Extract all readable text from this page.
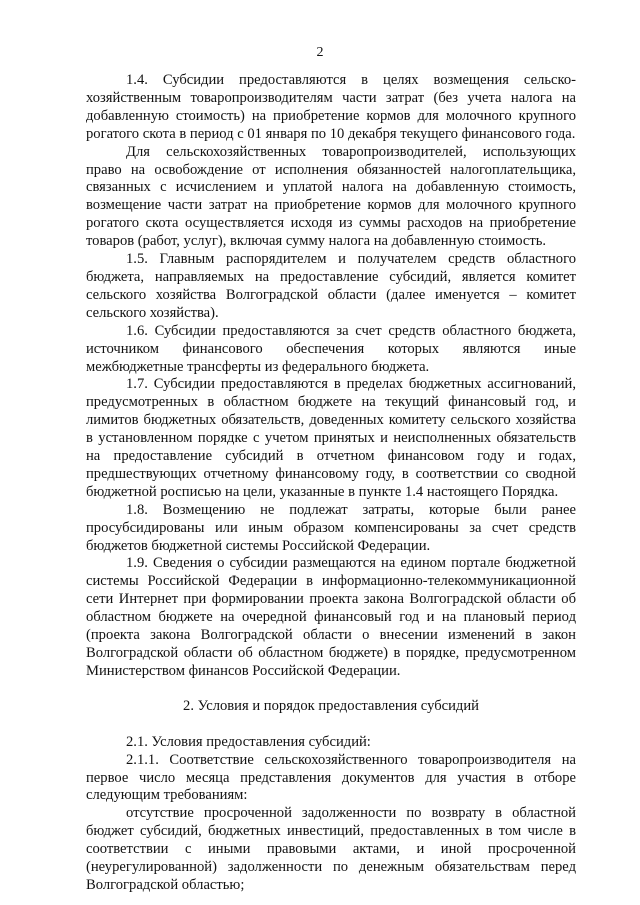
2

1.4. Субсидии предоставляются в целях возмещения сельско-хозяйственным товаропроизводителям части затрат (без учета налога на добавленную стоимость) на приобретение кормов для молочного крупного рогатого скота в период с 01 января по 10 декабря текущего финансового года.

Для сельскохозяйственных товаропроизводителей, использующих право на освобождение от исполнения обязанностей налогоплательщика, связанных с исчислением и уплатой налога на добавленную стоимость, возмещение части затрат на приобретение кормов для молочного крупного рогатого скота осуществляется исходя из суммы расходов на приобретение товаров (работ, услуг), включая сумму налога на добавленную стоимость.

1.5. Главным распорядителем и получателем средств областного бюджета, направляемых на предоставление субсидий, является комитет сельского хозяйства Волгоградской области (далее именуется – комитет сельского хозяйства).

1.6. Субсидии предоставляются за счет средств областного бюджета, источником финансового обеспечения которых являются иные межбюджетные трансферты из федерального бюджета.

1.7. Субсидии предоставляются в пределах бюджетных ассигнований, предусмотренных в областном бюджете на текущий финансовый год, и лимитов бюджетных обязательств, доведенных комитету сельского хозяйства в установленном порядке с учетом принятых и неисполненных обязательств на предоставление субсидий в отчетном финансовом году и годах, предшествующих отчетному финансовому году, в соответствии со сводной бюджетной росписью на цели, указанные в пункте 1.4 настоящего Порядка.

1.8. Возмещению не подлежат затраты, которые были ранее просубсидированы или иным образом компенсированы за счет средств бюджетов бюджетной системы Российской Федерации.

1.9. Сведения о субсидии размещаются на едином портале бюджетной системы Российской Федерации в информационно-телекоммуникационной сети Интернет при формировании проекта закона Волгоградской области об областном бюджете на очередной финансовый год и на плановый период (проекта закона Волгоградской области о внесении изменений в закон Волгоградской области об областном бюджете) в порядке, предусмотренном Министерством финансов Российской Федерации.

2. Условия и порядок предоставления субсидий

2.1. Условия предоставления субсидий:

2.1.1. Соответствие сельскохозяйственного товаропроизводителя на первое число месяца представления документов для участия в отборе следующим требованиям:

отсутствие просроченной задолженности по возврату в областной бюджет субсидий, бюджетных инвестиций, предоставленных в том числе в соответствии с иными правовыми актами, и иной просроченной (неурегулированной) задолженности по денежным обязательствам перед Волгоградской областью;
